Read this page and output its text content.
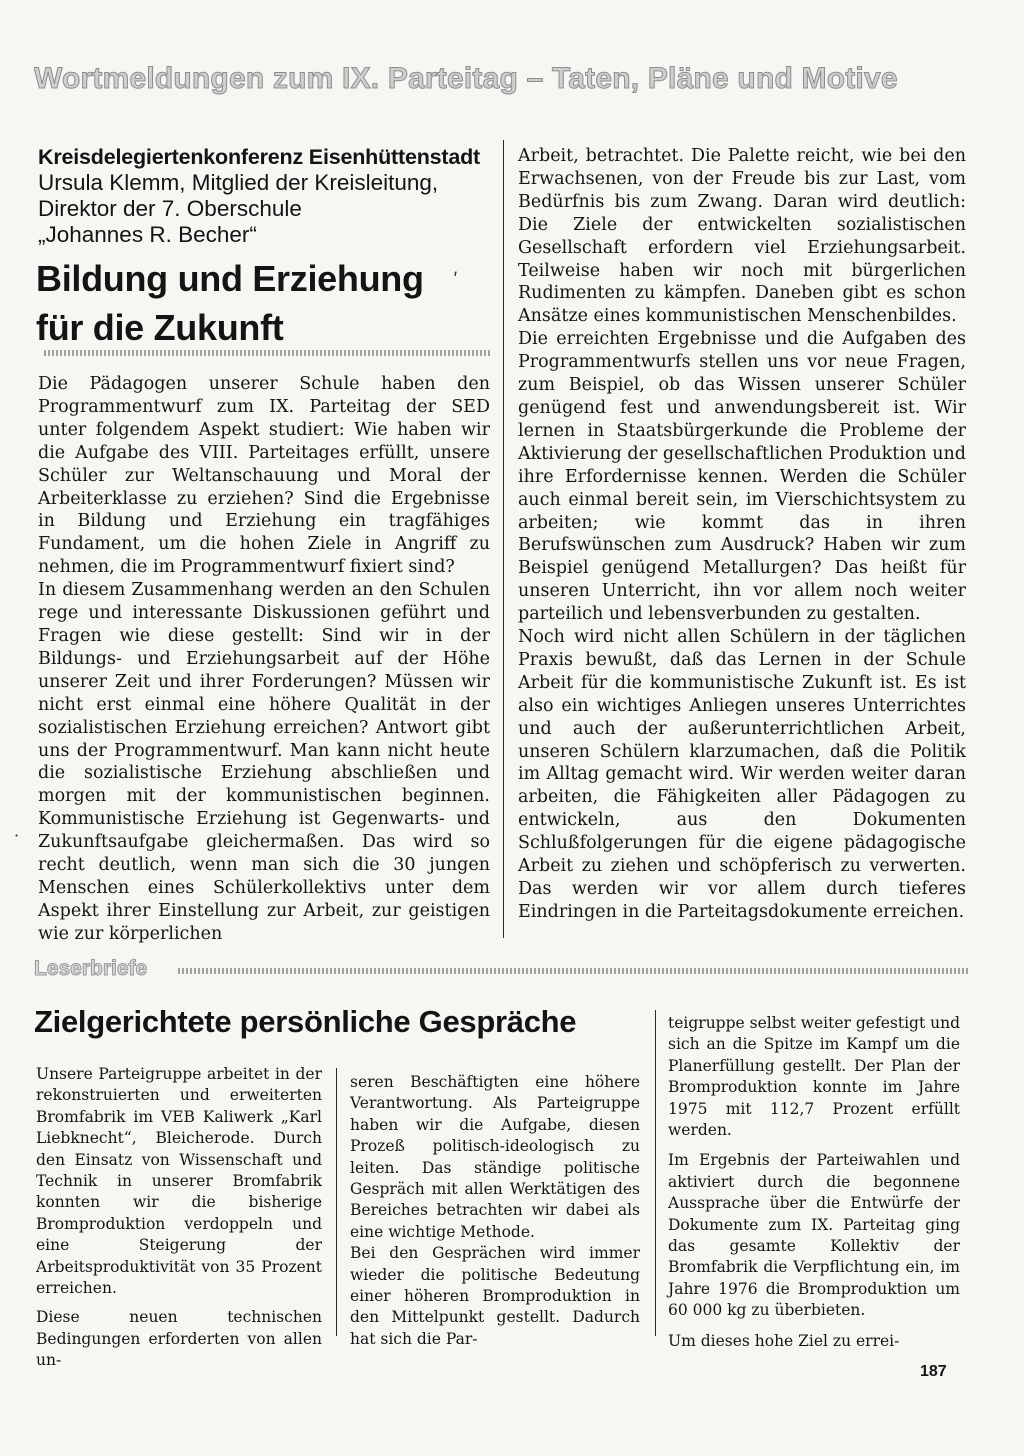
Wortmeldungen zum IX. Parteitag – Taten, Pläne und Motive
Kreisdelegiertenkonferenz Eisenhüttenstadt
Ursula Klemm, Mitglied der Kreisleitung,
Direktor der 7. Oberschule
„Johannes R. Becher“
Bildung und Erziehung
für die Zukunft
ʹ

Die Pädagogen unserer Schule haben den Programmentwurf zum IX. Parteitag der SED unter folgendem Aspekt studiert: Wie haben wir die Aufgabe des VIII. Parteitages erfüllt, unsere Schüler zur Weltanschauung und Moral der Arbeiterklasse zu erziehen? Sind die Ergebnisse in Bildung und Erziehung ein tragfähiges Fundament, um die hohen Ziele in Angriff zu nehmen, die im Programmentwurf fixiert sind?

In diesem Zusammenhang werden an den Schulen rege und interessante Diskussionen geführt und Fragen wie diese gestellt: Sind wir in der Bildungs- und Erziehungsarbeit auf der Höhe unserer Zeit und ihrer Forderungen? Müssen wir nicht erst einmal eine höhere Qualität in der sozialistischen Erziehung erreichen? Antwort gibt uns der Programmentwurf. Man kann nicht heute die sozialistische Erziehung abschließen und morgen mit der kommunistischen beginnen. Kommunistische Erziehung ist Gegenwarts- und Zukunftsaufgabe gleichermaßen. Das wird so recht deutlich, wenn man sich die 30 jungen Menschen eines Schülerkollektivs unter dem Aspekt ihrer Einstellung zur Arbeit, zur geistigen wie zur körperlichen

Arbeit, betrachtet. Die Palette reicht, wie bei den Erwachsenen, von der Freude bis zur Last, vom Bedürfnis bis zum Zwang. Daran wird deutlich: Die Ziele der entwickelten sozialistischen Gesellschaft erfordern viel Erziehungsarbeit. Teilweise haben wir noch mit bürgerlichen Rudimenten zu kämpfen. Daneben gibt es schon Ansätze eines kommunistischen Menschenbildes.

Die erreichten Ergebnisse und die Aufgaben des Programmentwurfs stellen uns vor neue Fragen, zum Beispiel, ob das Wissen unserer Schüler genügend fest und anwendungsbereit ist. Wir lernen in Staatsbürgerkunde die Probleme der Aktivierung der gesellschaftlichen Produktion und ihre Erfordernisse kennen. Werden die Schüler auch einmal bereit sein, im Vierschichtsystem zu arbeiten; wie kommt das in ihren Berufswünschen zum Ausdruck? Haben wir zum Beispiel genügend Metallurgen? Das heißt für unseren Unterricht, ihn vor allem noch weiter parteilich und lebensverbunden zu gestalten.

Noch wird nicht allen Schülern in der täglichen Praxis bewußt, daß das Lernen in der Schule Arbeit für die kommunistische Zukunft ist. Es ist also ein wichtiges Anliegen unseres Unterrichtes und auch der außerunterrichtlichen Arbeit, unseren Schülern klarzumachen, daß die Politik im Alltag gemacht wird. Wir werden weiter daran arbeiten, die Fähigkeiten aller Pädagogen zu entwickeln, aus den Dokumenten Schlußfolgerungen für die eigene pädagogische Arbeit zu ziehen und schöpferisch zu verwerten. Das werden wir vor allem durch tieferes Eindringen in die Parteitagsdokumente erreichen.

·
Leserbriefe
Zielgerichtete persönliche Gespräche

Unsere Parteigruppe arbeitet in der rekonstruierten und erweiterten Bromfabrik im VEB Kaliwerk „Karl Liebknecht“, Bleicherode. Durch den Einsatz von Wissenschaft und Technik in unserer Bromfabrik konnten wir die bisherige Bromproduktion verdoppeln und eine Steigerung der Arbeitsproduktivität von 35 Prozent erreichen.

Diese neuen technischen Bedingungen erforderten von allen un-

seren Beschäftigten eine höhere Verantwortung. Als Parteigruppe haben wir die Aufgabe, diesen Prozeß politisch-ideologisch zu leiten. Das ständige politische Gespräch mit allen Werktätigen des Bereiches betrachten wir dabei als eine wichtige Methode.

Bei den Gesprächen wird immer wieder die politische Bedeutung einer höheren Bromproduktion in den Mittelpunkt gestellt. Dadurch hat sich die Par-

teigruppe selbst weiter gefestigt und sich an die Spitze im Kampf um die Planerfüllung gestellt. Der Plan der Bromproduktion konnte im Jahre 1975 mit 112,7 Prozent erfüllt werden.

Im Ergebnis der Parteiwahlen und aktiviert durch die begonnene Aussprache über die Entwürfe der Dokumente zum IX. Parteitag ging das gesamte Kollektiv der Bromfabrik die Verpflichtung ein, im Jahre 1976 die Bromproduktion um 60 000 kg zu überbieten.

Um dieses hohe Ziel zu errei-

187
